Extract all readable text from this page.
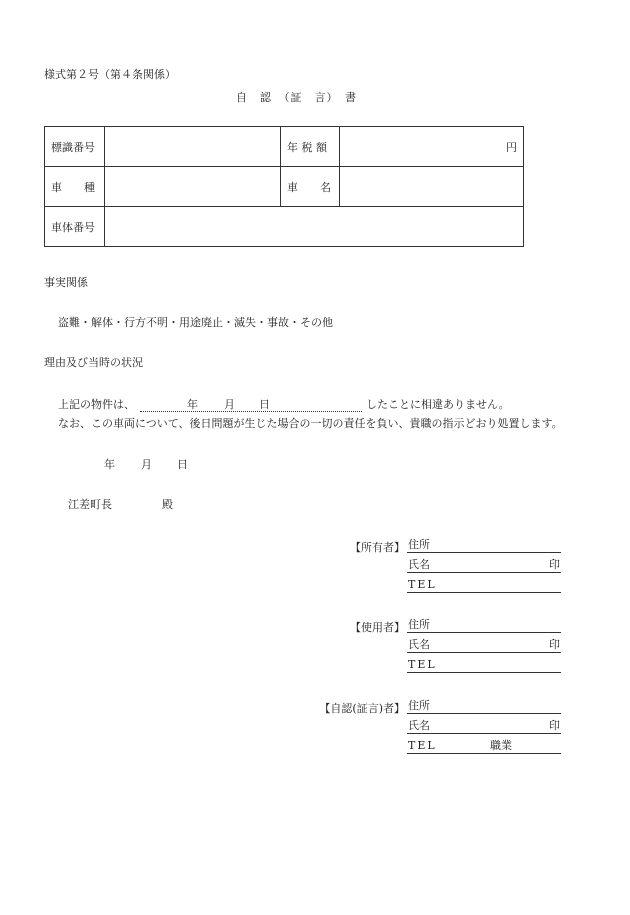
様式第２号（第４条関係）
自　認　（証　言）　書
標識番号		年 税 額	円
車　　種		車　　名	
車体番号			
事実関係
盗難・解体・行方不明・用途廃止・滅失・事故・その他
理由及び当時の状況
上記の物件は、	年 月 日	したことに相違ありません。
なお、この車両について、後日問題が生じた場合の一切の責任を負い、貴職の指示どおり処置します。
年 月 日
江差町長	殿
【所有者】 住所
氏名	印
TEL
【使用者】 住所
氏名	印
TEL
【自認(証言)者】 住所
氏名	印
TEL	職業
